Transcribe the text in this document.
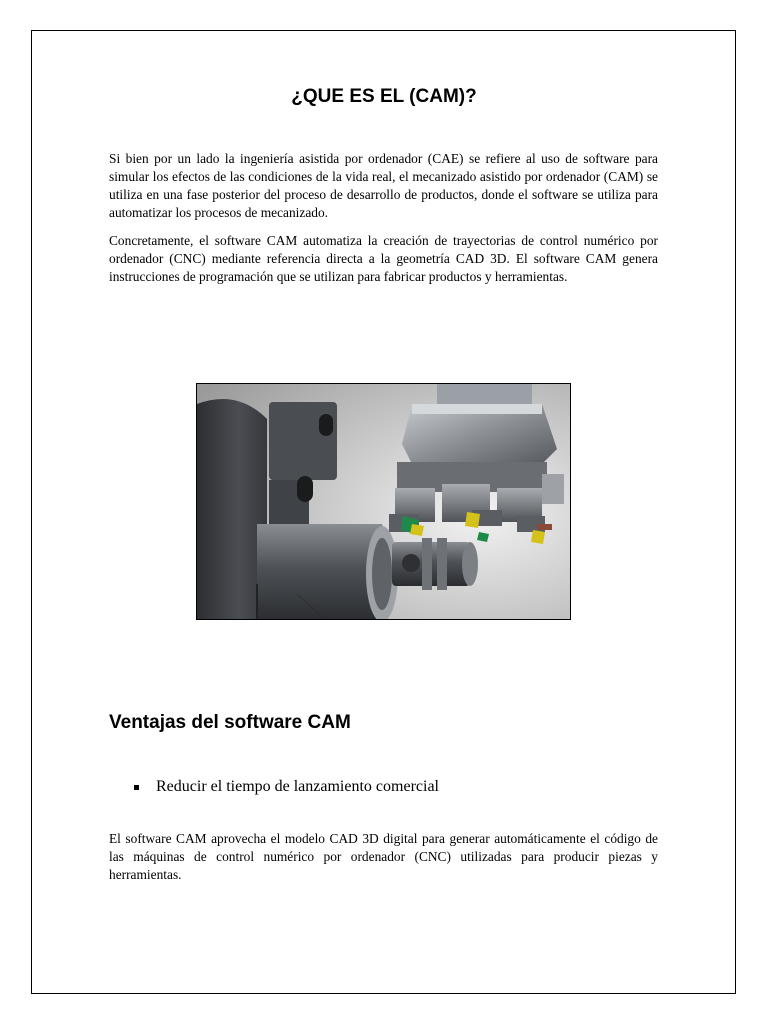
¿QUE ES EL (CAM)?

Si bien por un lado la ingeniería asistida por ordenador (CAE) se refiere al uso de software para simular los efectos de las condiciones de la vida real, el mecanizado asistido por ordenador (CAM) se utiliza en una fase posterior del proceso de desarrollo de productos, donde el software se utiliza para automatizar los procesos de mecanizado.

Concretamente, el software CAM automatiza la creación de trayectorias de control numérico por ordenador (CNC) mediante referencia directa a la geometría CAD 3D. El software CAM genera instrucciones de programación que se utilizan para fabricar productos y herramientas.

Ventajas del software CAM
Reducir el tiempo de lanzamiento comercial

El software CAM aprovecha el modelo CAD 3D digital para generar automáticamente el código de las máquinas de control numérico por ordenador (CNC) utilizadas para producir piezas y herramientas.
